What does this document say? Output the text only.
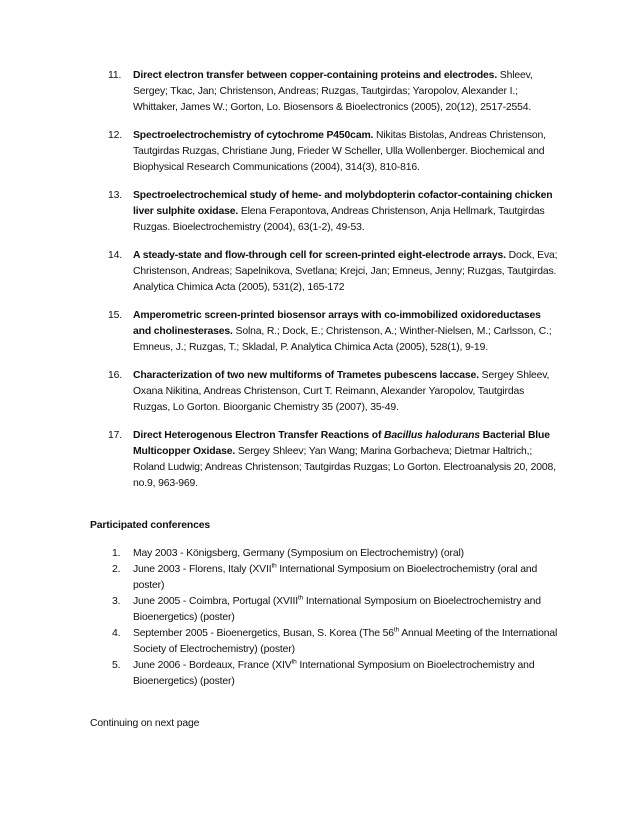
11. Direct electron transfer between copper-containing proteins and electrodes. Shleev, Sergey; Tkac, Jan; Christenson, Andreas; Ruzgas, Tautgirdas; Yaropolov, Alexander I.; Whittaker, James W.; Gorton, Lo. Biosensors & Bioelectronics (2005), 20(12), 2517-2554.
12. Spectroelectrochemistry of cytochrome P450cam. Nikitas Bistolas, Andreas Christenson, Tautgirdas Ruzgas, Christiane Jung, Frieder W Scheller, Ulla Wollenberger. Biochemical and Biophysical Research Communications (2004), 314(3), 810-816.
13. Spectroelectrochemical study of heme- and molybdopterin cofactor-containing chicken liver sulphite oxidase. Elena Ferapontova, Andreas Christenson, Anja Hellmark, Tautgirdas Ruzgas. Bioelectrochemistry (2004), 63(1-2), 49-53.
14. A steady-state and flow-through cell for screen-printed eight-electrode arrays. Dock, Eva; Christenson, Andreas; Sapelnikova, Svetlana; Krejci, Jan; Emneus, Jenny; Ruzgas, Tautgirdas. Analytica Chimica Acta (2005), 531(2), 165-172
15. Amperometric screen-printed biosensor arrays with co-immobilized oxidoreductases and cholinesterases. Solna, R.; Dock, E.; Christenson, A.; Winther-Nielsen, M.; Carlsson, C.; Emneus, J.; Ruzgas, T.; Skladal, P. Analytica Chimica Acta (2005), 528(1), 9-19.
16. Characterization of two new multiforms of Trametes pubescens laccase. Sergey Shleev, Oxana Nikitina, Andreas Christenson, Curt T. Reimann, Alexander Yaropolov, Tautgirdas Ruzgas, Lo Gorton. Bioorganic Chemistry 35 (2007), 35-49.
17. Direct Heterogenous Electron Transfer Reactions of Bacillus halodurans Bacterial Blue Multicopper Oxidase. Sergey Shleev; Yan Wang; Marina Gorbacheva; Dietmar Haltrich,; Roland Ludwig; Andreas Christenson; Tautgirdas Ruzgas; Lo Gorton. Electroanalysis 20, 2008, no.9, 963-969.
Participated conferences
1. May 2003 - Königsberg, Germany (Symposium on Electrochemistry) (oral)
2. June 2003 - Florens, Italy (XVIIth International Symposium on Bioelectrochemistry (oral and poster)
3. June 2005 - Coimbra, Portugal (XVIIIth International Symposium on Bioelectrochemistry and Bioenergetics) (poster)
4. September 2005 - Bioenergetics, Busan, S. Korea (The 56th Annual Meeting of the International Society of Electrochemistry) (poster)
5. June 2006 - Bordeaux, France (XIVth International Symposium on Bioelectrochemistry and Bioenergetics) (poster)
Continuing on next page
